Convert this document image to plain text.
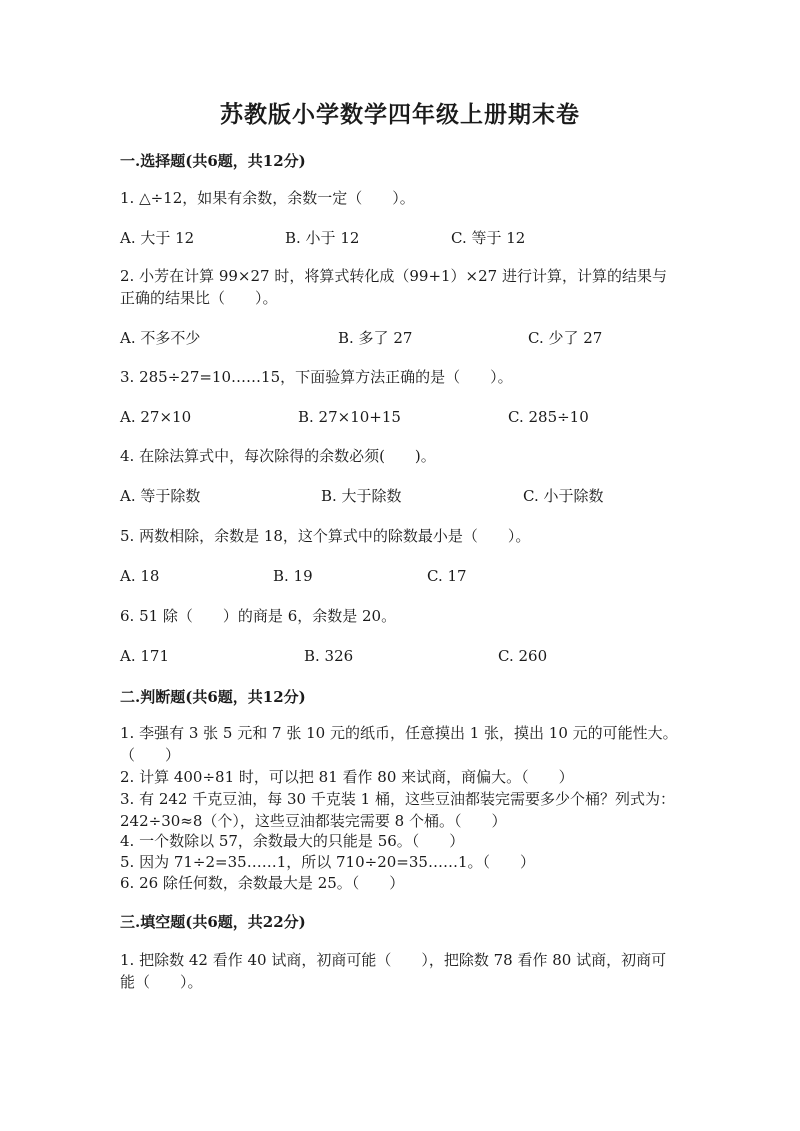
苏教版小学数学四年级上册期末卷
一.选择题(共6题，共12分)
1. △÷12，如果有余数，余数一定（　　）。
A. 大于 12	B. 小于 12	C. 等于 12
2. 小芳在计算 99×27 时，将算式转化成（99+1）×27 进行计算，计算的结果与正确的结果比（　　）。
A. 不多不少	B. 多了 27	C. 少了 27
3. 285÷27=10……15，下面验算方法正确的是（　　）。
A. 27×10	B. 27×10+15	C. 285÷10
4. 在除法算式中，每次除得的余数必须(　　)。
A. 等于除数	B. 大于除数	C. 小于除数
5. 两数相除，余数是 18，这个算式中的除数最小是（　　）。
A. 18	B. 19	C. 17
6. 51 除（　　）的商是 6，余数是 20。
A. 171	B. 326	C. 260
二.判断题(共6题，共12分)
1. 李强有 3 张 5 元和 7 张 10 元的纸币，任意摸出 1 张，摸出 10 元的可能性大。　　（　　）
2. 计算 400÷81 时，可以把 81 看作 80 来试商，商偏大。（　　）
3. 有 242 千克豆油，每 30 千克装 1 桶，这些豆油都装完需要多少个桶？列式为：242÷30≈8（个），这些豆油都装完需要 8 个桶。（　　）
4. 一个数除以 57，余数最大的只能是 56。（　　）
5. 因为 71÷2=35……1，所以 710÷20=35……1。（　　）
6. 26 除任何数，余数最大是 25。（　　）
三.填空题(共6题，共22分)
1. 把除数 42 看作 40 试商，初商可能（　　），把除数 78 看作 80 试商，初商可能（　　）。
